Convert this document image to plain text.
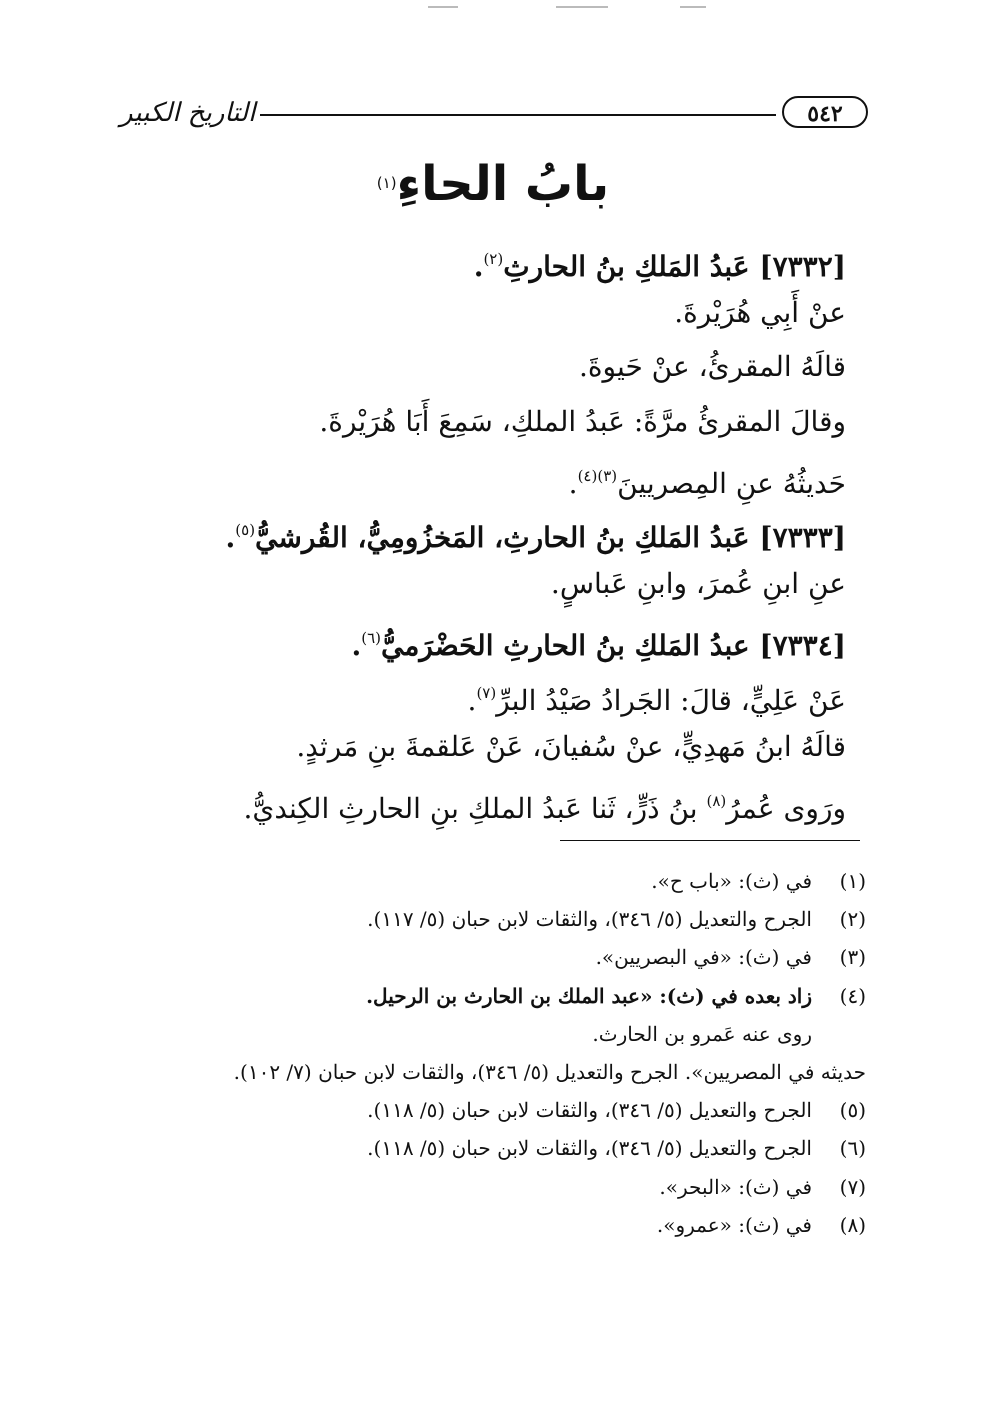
٥٤٢
التاريخ الكبير
بابُ الحاءِ$^{(١)}$
[٧٣٣٢] عَبدُ المَلكِ بنُ الحارثِ$^{(٢)}$.
عنْ أَبِي هُرَيْرةَ.
قالَهُ المقرئُ، عنْ حَيوةَ.
وقالَ المقرئُ مرَّةً: عَبدُ الملكِ، سَمِعَ أَبَا هُرَيْرةَ.
حَديثُهُ عنِ المِصريينَ$^{(٣)(٤)}$.
[٧٣٣٣] عَبدُ المَلكِ بنُ الحارثِ، المَخزُومِيُّ، القُرشيُّ$^{(٥)}$.
عنِ ابنِ عُمرَ، وابنِ عَباسٍ.
[٧٣٣٤] عبدُ المَلكِ بنُ الحارثِ الحَضْرَميُّ$^{(٦)}$.
عَنْ عَلِيٍّ، قالَ: الجَرادُ صَيْدُ البرِّ$^{(٧)}$.
قالَهُ ابنُ مَهدِيٍّ، عنْ سُفيانَ، عَنْ عَلقمةَ بنِ مَرثدٍ.
ورَوى عُمرُ$^{(٨)}$ بنُ ذَرٍّ، ثَنا عَبدُ الملكِ بنِ الحارثِ الكِنديُّ.
(١)في (ث): «باب ح».
(٢)الجرح والتعديل (٥/ ٣٤٦)، والثقات لابن حبان (٥/ ١١٧).
(٣)في (ث): «في البصريين».
(٤)زاد بعده في (ث): «عبد الملك بن الحارث بن الرحيل.
روى عنه عَمرو بن الحارث.
حديثه في المصريين». الجرح والتعديل (٥/ ٣٤٦)، والثقات لابن حبان (٧/ ١٠٢).
(٥)الجرح والتعديل (٥/ ٣٤٦)، والثقات لابن حبان (٥/ ١١٨).
(٦)الجرح والتعديل (٥/ ٣٤٦)، والثقات لابن حبان (٥/ ١١٨).
(٧)في (ث): «البحر».
(٨)في (ث): «عمرو».
